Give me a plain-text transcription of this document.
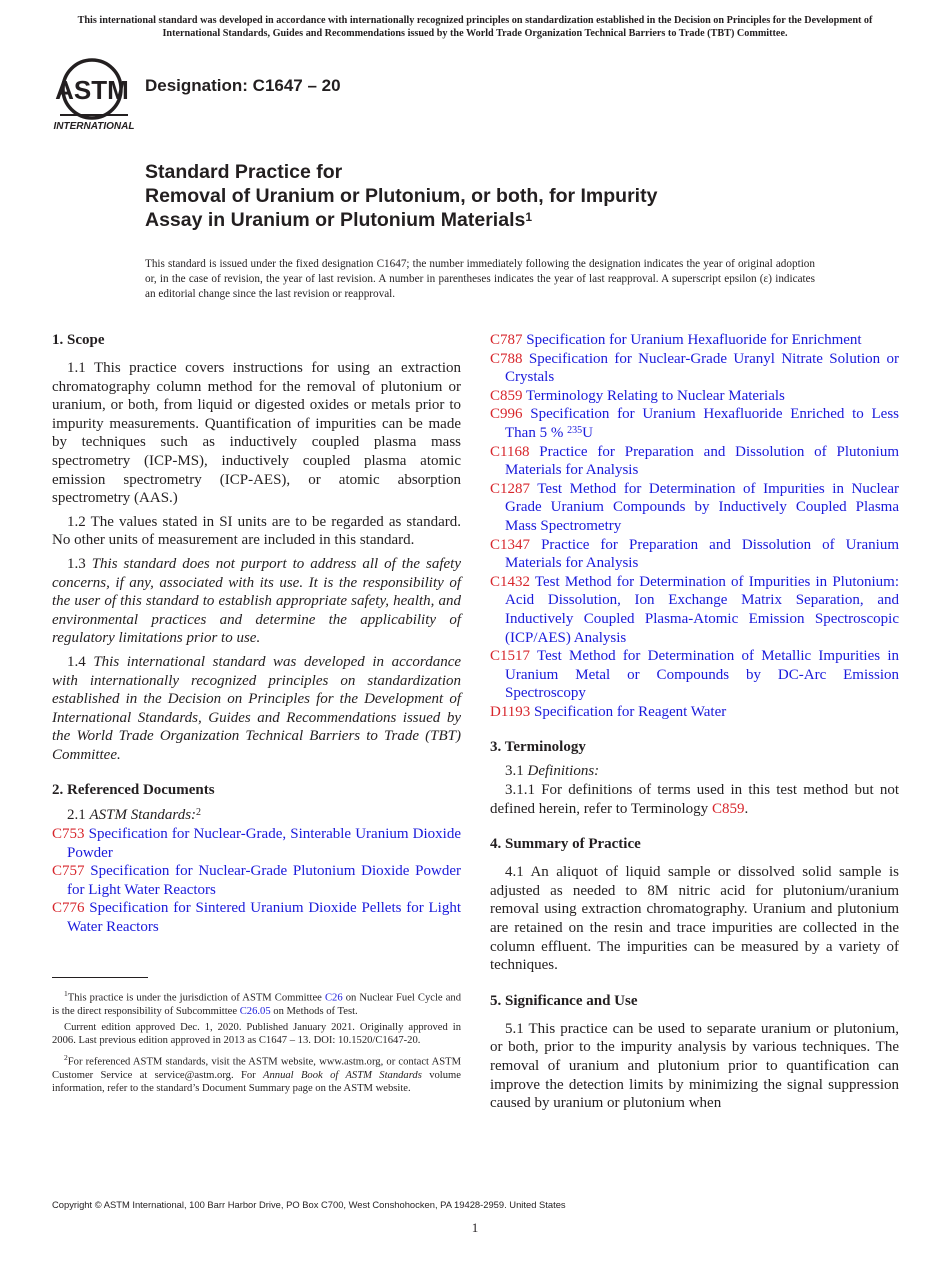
This international standard was developed in accordance with internationally recognized principles on standardization established in the Decision on Principles for the Development of International Standards, Guides and Recommendations issued by the World Trade Organization Technical Barriers to Trade (TBT) Committee.
ASTM
INTERNATIONAL
Designation: C1647 – 20
Standard Practice for
Removal of Uranium or Plutonium, or both, for Impurity
Assay in Uranium or Plutonium Materials$^1$
This standard is issued under the fixed designation C1647; the number immediately following the designation indicates the year of original adoption or, in the case of revision, the year of last revision. A number in parentheses indicates the year of last reapproval. A superscript epsilon (ε) indicates an editorial change since the last revision or reapproval.
1. Scope

1.1 This practice covers instructions for using an extraction chromatography column method for the removal of plutonium or uranium, or both, from liquid or digested oxides or metals prior to impurity measurements. Quantification of impurities can be made by techniques such as inductively coupled plasma mass spectrometry (ICP-MS), inductively coupled plasma atomic emission spectrometry (ICP-AES), or atomic absorption spectrometry (AAS.)

1.2 The values stated in SI units are to be regarded as standard. No other units of measurement are included in this standard.

1.3 This standard does not purport to address all of the safety concerns, if any, associated with its use. It is the responsibility of the user of this standard to establish appropriate safety, health, and environmental practices and determine the applicability of regulatory limitations prior to use.

1.4 This international standard was developed in accordance with internationally recognized principles on standardization established in the Decision on Principles for the Development of International Standards, Guides and Recommendations issued by the World Trade Organization Technical Barriers to Trade (TBT) Committee.

2. Referenced Documents

2.1 ASTM Standards:$^2$

C753 Specification for Nuclear-Grade, Sinterable Uranium Dioxide Powder

C757 Specification for Nuclear-Grade Plutonium Dioxide Powder for Light Water Reactors

C776 Specification for Sintered Uranium Dioxide Pellets for Light Water Reactors

C787 Specification for Uranium Hexafluoride for Enrichment

C788 Specification for Nuclear-Grade Uranyl Nitrate Solution or Crystals

C859 Terminology Relating to Nuclear Materials

C996 Specification for Uranium Hexafluoride Enriched to Less Than 5 % $^{235}$U

C1168 Practice for Preparation and Dissolution of Plutonium Materials for Analysis

C1287 Test Method for Determination of Impurities in Nuclear Grade Uranium Compounds by Inductively Coupled Plasma Mass Spectrometry

C1347 Practice for Preparation and Dissolution of Uranium Materials for Analysis

C1432 Test Method for Determination of Impurities in Plutonium: Acid Dissolution, Ion Exchange Matrix Separation, and Inductively Coupled Plasma-Atomic Emission Spectroscopic (ICP/AES) Analysis

C1517 Test Method for Determination of Metallic Impurities in Uranium Metal or Compounds by DC-Arc Emission Spectroscopy

D1193 Specification for Reagent Water

3. Terminology

3.1 Definitions:

3.1.1 For definitions of terms used in this test method but not defined herein, refer to Terminology C859.

4. Summary of Practice

4.1 An aliquot of liquid sample or dissolved solid sample is adjusted as needed to 8M nitric acid for plutonium/uranium removal using extraction chromatography. Uranium and plutonium are retained on the resin and trace impurities are collected in the column effluent. The impurities can be measured by a variety of techniques.

5. Significance and Use

5.1 This practice can be used to separate uranium or plutonium, or both, prior to the impurity analysis by various techniques. The removal of uranium and plutonium prior to quantification can improve the detection limits by minimizing the signal suppression caused by uranium or plutonium when

$^1$This practice is under the jurisdiction of ASTM Committee C26 on Nuclear Fuel Cycle and is the direct responsibility of Subcommittee C26.05 on Methods of Test.

Current edition approved Dec. 1, 2020. Published January 2021. Originally approved in 2006. Last previous edition approved in 2013 as C1647 – 13. DOI: 10.1520/C1647-20.

$^2$For referenced ASTM standards, visit the ASTM website, www.astm.org, or contact ASTM Customer Service at service@astm.org. For Annual Book of ASTM Standards volume information, refer to the standard’s Document Summary page on the ASTM website.

Copyright © ASTM International, 100 Barr Harbor Drive, PO Box C700, West Conshohocken, PA 19428-2959. United States
1
